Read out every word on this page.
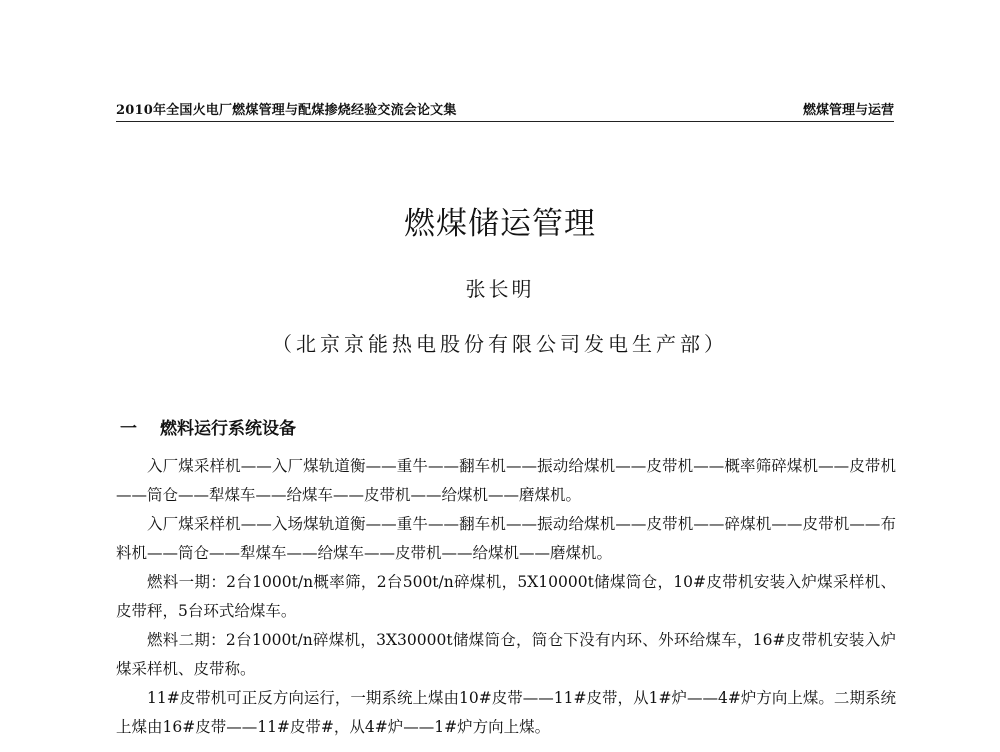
2010年全国火电厂燃煤管理与配煤掺烧经验交流会论文集	燃煤管理与运营
燃煤储运管理
张长明
（北京京能热电股份有限公司发电生产部）
一 燃料运行系统设备

入厂煤采样机——入厂煤轨道衡——重牛——翻车机——振动给煤机——皮带机——概率筛碎煤机——皮带机——筒仓——犁煤车——给煤车——皮带机——给煤机——磨煤机。

入厂煤采样机——入场煤轨道衡——重牛——翻车机——振动给煤机——皮带机——碎煤机——皮带机——布料机——筒仓——犁煤车——给煤车——皮带机——给煤机——磨煤机。

燃料一期：2台1000t/n概率筛，2台500t/n碎煤机，5X10000t储煤筒仓，10#皮带机安装入炉煤采样机、皮带秤，5台环式给煤车。

燃料二期：2台1000t/n碎煤机，3X30000t储煤筒仓，筒仓下没有内环、外环给煤车，16#皮带机安装入炉煤采样机、皮带称。

11#皮带机可正反方向运行，一期系统上煤由10#皮带——11#皮带，从1#炉——4#炉方向上煤。二期系统上煤由16#皮带——11#皮带#，从4#炉——1#炉方向上煤。
